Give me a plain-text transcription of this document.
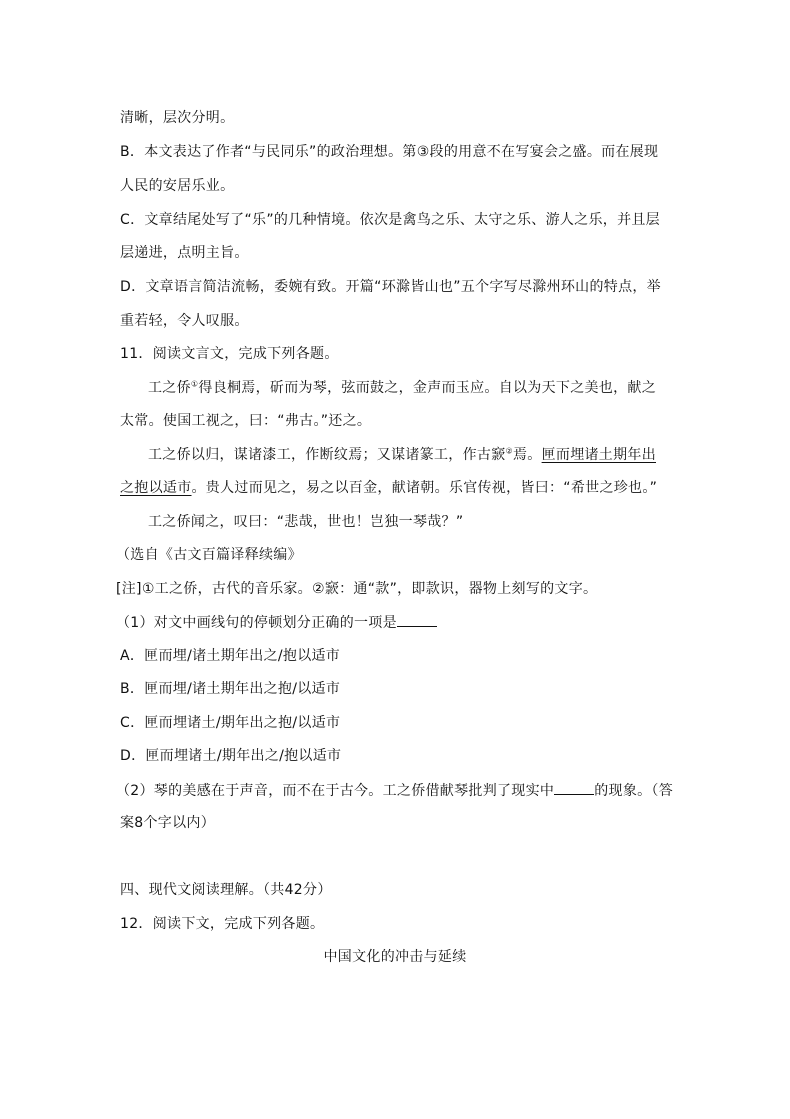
清晰，层次分明。
B．本文表达了作者“与民同乐”的政治理想。第③段的用意不在写宴会之盛。而在展现
人民的安居乐业。
C．文章结尾处写了“乐”的几种情境。依次是禽鸟之乐、太守之乐、游人之乐，并且层
层递进，点明主旨。
D．文章语言简洁流畅，委婉有致。开篇“环滁皆山也”五个字写尽滁州环山的特点，举
重若轻，令人叹服。
11．阅读文言文，完成下列各题。
工之侨①得良桐焉，斫而为琴，弦而鼓之，金声而玉应。自以为天下之美也，献之
太常。使国工视之，曰：“弗古。”还之。
工之侨以归，谋诸漆工，作断纹焉；又谋诸篆工，作古窾②焉。匣而埋诸土期年出
之抱以适市。贵人过而见之，易之以百金，献诸朝。乐官传视，皆曰：“希世之珍也。”
工之侨闻之，叹曰：“悲哉，世也！岂独一琴哉？”
（选自《古文百篇译释续编》
[注]①工之侨，古代的音乐家。②窾：通“款”，即款识，器物上刻写的文字。
（1）对文中画线句的停顿划分正确的一项是
A．匣而埋/诸土期年出之/抱以适市
B．匣而埋/诸土期年出之抱/以适市
C．匣而埋诸土/期年出之抱/以适市
D．匣而埋诸土/期年出之/抱以适市
（2）琴的美感在于声音，而不在于古今。工之侨借献琴批判了现实中	的现象。（答
案8个字以内）
四、现代文阅读理解。（共42分）
12．阅读下文，完成下列各题。
中国文化的冲击与延续
